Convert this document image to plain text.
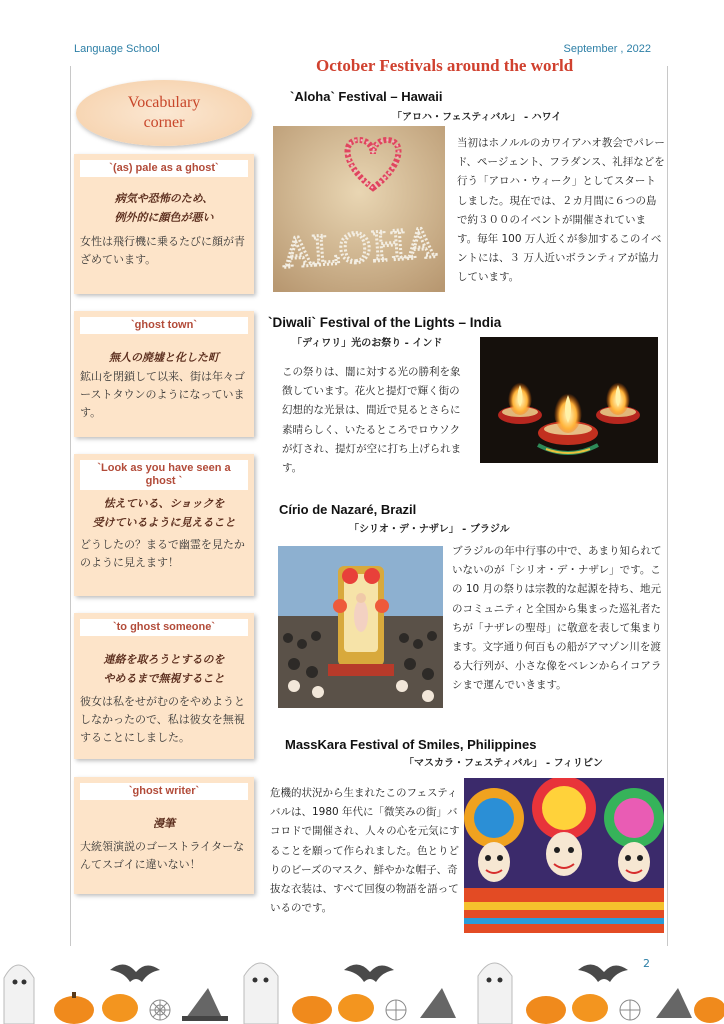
Language School	September , 2022
October Festivals around the world
Vocabulary
corner
`(as) pale as a ghost`
病気や恐怖のため、
例外的に顔色が悪い
女性は飛行機に乗るたびに顔が青ざめています。
`ghost town`
無人の廃墟と化した町
鉱山を閉鎖して以来、街は年々ゴーストタウンのようになっています。
`Look as you have seen a ghost `
怯えている、ショックを
受けているように見えること
どうしたの？まるで幽霊を見たかのように見えます！
`to ghost someone`
連絡を取ろうとするのを
やめるまで無視すること
彼女は私をせがむのをやめようとしなかったので、私は彼女を無視することにしました。
`ghost writer`
漫筆
大統領演説のゴーストライターなんてスゴイに違いない！
`Aloha` Festival – Hawaii
「アロハ・フェスティバル」 - ハワイ
ALOHA
当初はホノルルのカワイアハオ教会でパレード、ページェント、フラダンス、礼拝などを行う「アロハ・ウィーク」としてスタートしました。現在では、２カ月間に６つの島で約３００のイベントが開催されています。毎年 100 万人近くが参加するこのイベントには、３ 万人近いボランティアが協力しています。
`Diwali` Festival of the Lights – India
「ディワリ」光のお祭り - インド
この祭りは、闇に対する光の勝利を象徴しています。花火と提灯で輝く街の幻想的な光景は、間近で見るとさらに素晴らしく、いたるところでロウソクが灯され、提灯が空に打ち上げられます。
Círio de Nazaré, Brazil
「シリオ・デ・ナザレ」 - ブラジル
ブラジルの年中行事の中で、あまり知られていないのが「シリオ・デ・ナザレ」です。この 10 月の祭りは宗教的な起源を持ち、地元のコミュニティと全国から集まった巡礼者たちが「ナザレの聖母」に敬意を表して集まります。文字通り何百もの船がアマゾン川を渡る大行列が、小さな像をベレンからイコアラシまで運んでいきます。
MassKara Festival of Smiles, Philippines
「マスカラ・フェスティバル」 - フィリピン
危機的状況から生まれたこのフェスティバルは、1980 年代に「微笑みの街」バコロドで開催され、人々の心を元気にすることを願って作られました。色とりどりのビーズのマスク、鮮やかな帽子、奇抜な衣装は、すべて回復の物語を語っているのです。
2
